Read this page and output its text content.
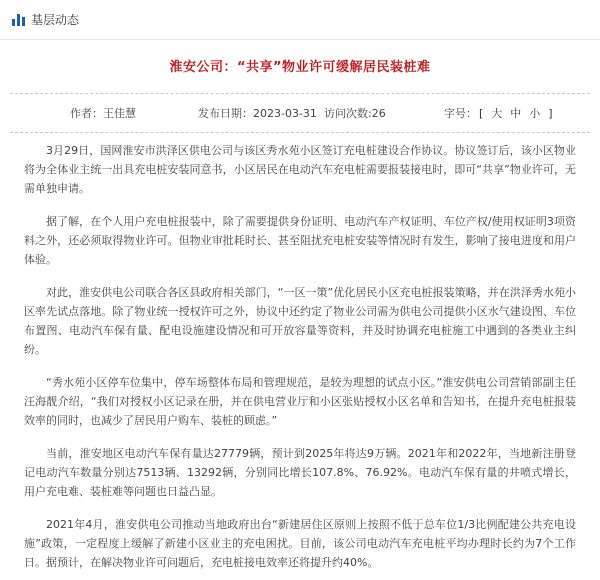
基层动态
淮安公司：“共享”物业许可缓解居民装桩难
作者：王佳慧	发布日期：2023-03-31 访问次数:26	字号： [ 大 中 小 ]

3月29日，国网淮安市洪泽区供电公司与该区秀水苑小区签订充电桩建设合作协议。协议签订后，该小区物业将为全体业主统一出具充电桩安装同意书，小区居民在电动汽车充电桩需要报装接电时，即可“共享”物业许可，无需单独申请。

据了解，在个人用户充电桩报装中，除了需要提供身份证明、电动汽车产权证明、车位产权/使用权证明3项资料之外，还必须取得物业许可。但物业审批耗时长、甚至阻扰充电桩安装等情况时有发生，影响了接电进度和用户体验。

对此，淮安供电公司联合各区县政府相关部门，“一区一策”优化居民小区充电桩报装策略，并在洪泽秀水苑小区率先试点落地。除了物业统一授权许可之外，协议中还约定了物业公司需为供电公司提供小区水气建设图、车位布置图、电动汽车保有量、配电设施建设情况和可开放容量等资料，并及时协调充电桩施工中遇到的各类业主纠纷。

“秀水苑小区停车位集中，停车场整体布局和管理规范，是较为理想的试点小区。”淮安供电公司营销部副主任汪海靓介绍，“我们对授权小区记录在册，并在供电营业厅和小区张贴授权小区名单和告知书，在提升充电桩报装效率的同时，也减少了居民用户购车、装桩的顾虑。”

当前，淮安地区电动汽车保有量达27779辆，预计到2025年将达9万辆。2021年和2022年，当地新注册登记电动汽车数量分别达7513辆、13292辆，分别同比增长107.8%、76.92%。电动汽车保有量的井喷式增长，用户充电难、装桩难等问题也日益凸显。

2021年4月，淮安供电公司推动当地政府出台“新建居住区原则上按照不低于总车位1/3比例配建公共充电设施”政策，一定程度上缓解了新建小区业主的充电困扰。目前，该公司电动汽车充电桩平均办理时长约为7个工作日。据预计，在解决物业许可问题后，充电桩接电效率还将提升约40%。
